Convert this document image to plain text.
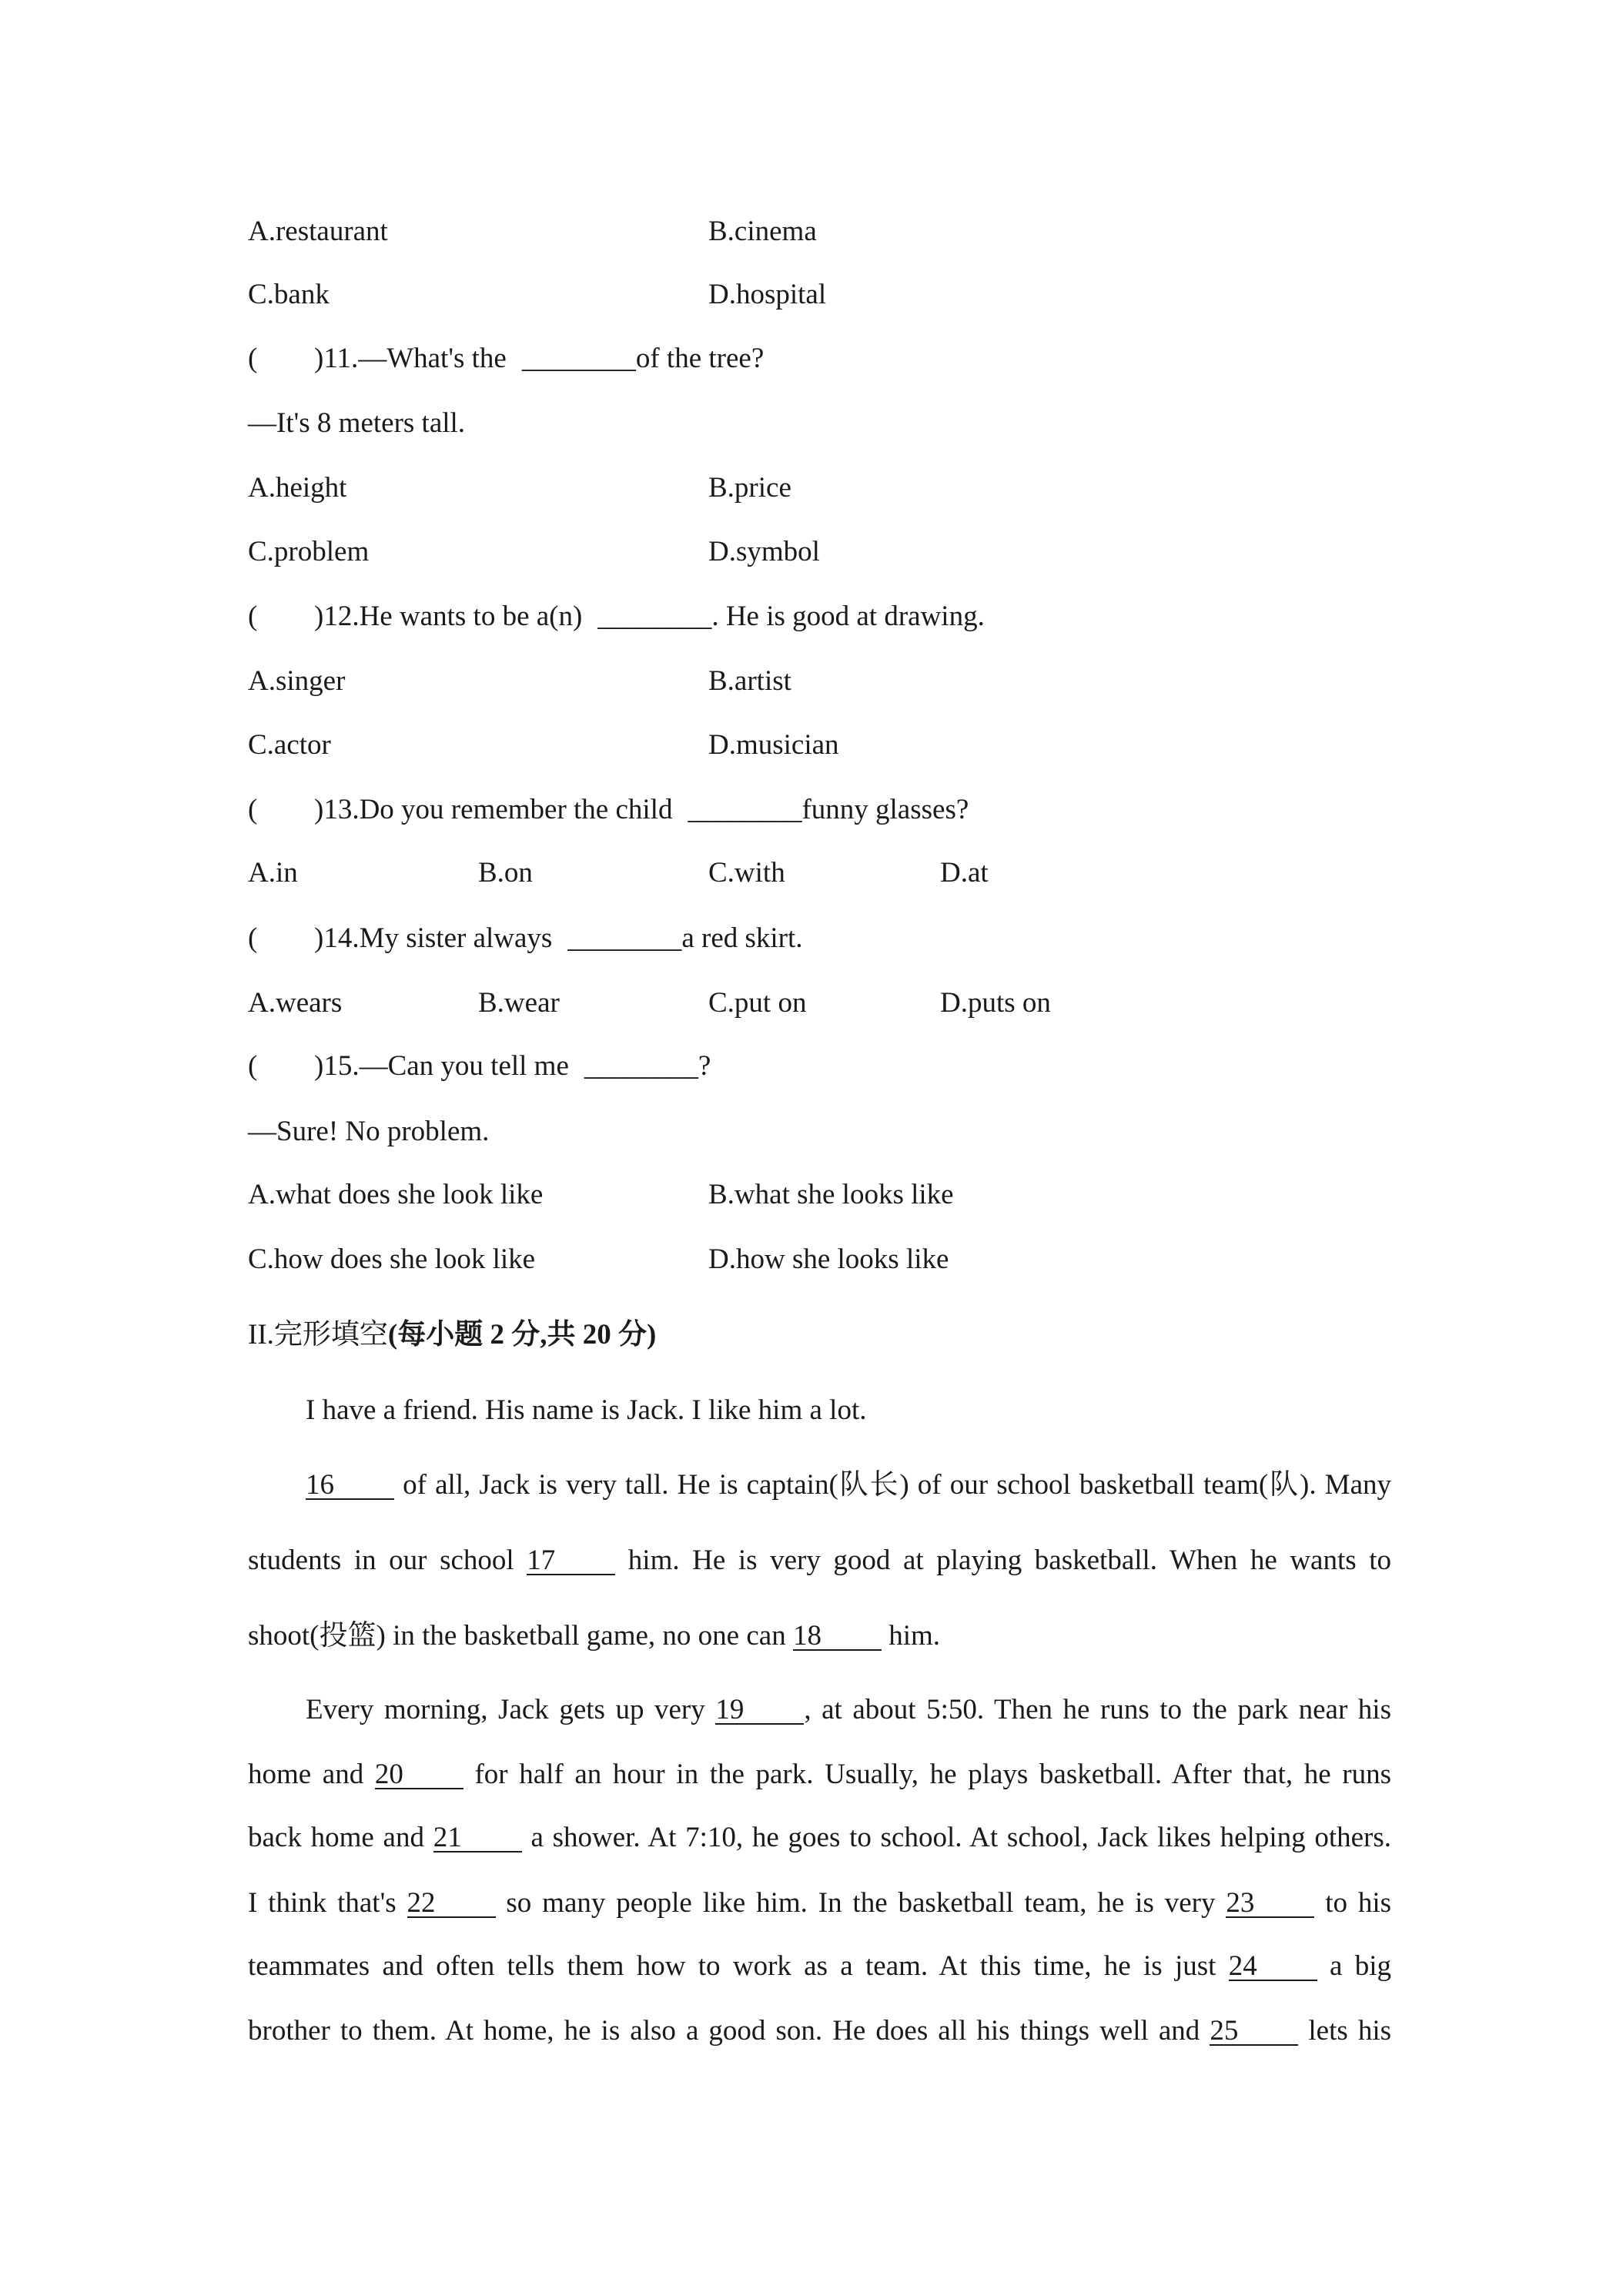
A.restaurant	B.cinema
C.bank	D.hospital
( )11.—What's the ________of the tree?
—It's 8 meters tall.
A.height	B.price
C.problem	D.symbol
( )12.He wants to be a(n) ________. He is good at drawing.
A.singer	B.artist
C.actor	D.musician
( )13.Do you remember the child ________funny glasses?
A.in	B.on	C.with	D.at
( )14.My sister always ________a red skirt.
A.wears	B.wear	C.put on	D.puts on
( )15.—Can you tell me ________?
—Sure! No problem.
A.what does she look like	B.what she looks like
C.how does she look like	D.how she looks like
II.完形填空(每小题 2 分,共 20 分)
I have a friend. His name is Jack. I like him a lot.
16 of all, Jack is very tall. He is captain(队长) of our school basketball team(队). Many
students in our school 17	him. He is very good at playing basketball. When he wants to
shoot(投篮) in the basketball game, no one can 18 him.
Every morning, Jack gets up very 19 , at about 5:50. Then he runs to the park near his
home and 20	for half an hour in the park. Usually, he plays basketball. After that, he runs
back home and 21 a shower. At 7:10, he goes to school. At school, Jack likes helping others.
I think that's 22 so many people like him. In the basketball team, he is very 23 to his
teammates and often tells them how to work as a team. At this time, he is just 24	a big
brother to them. At home, he is also a good son. He does all his things well and 25 lets his
